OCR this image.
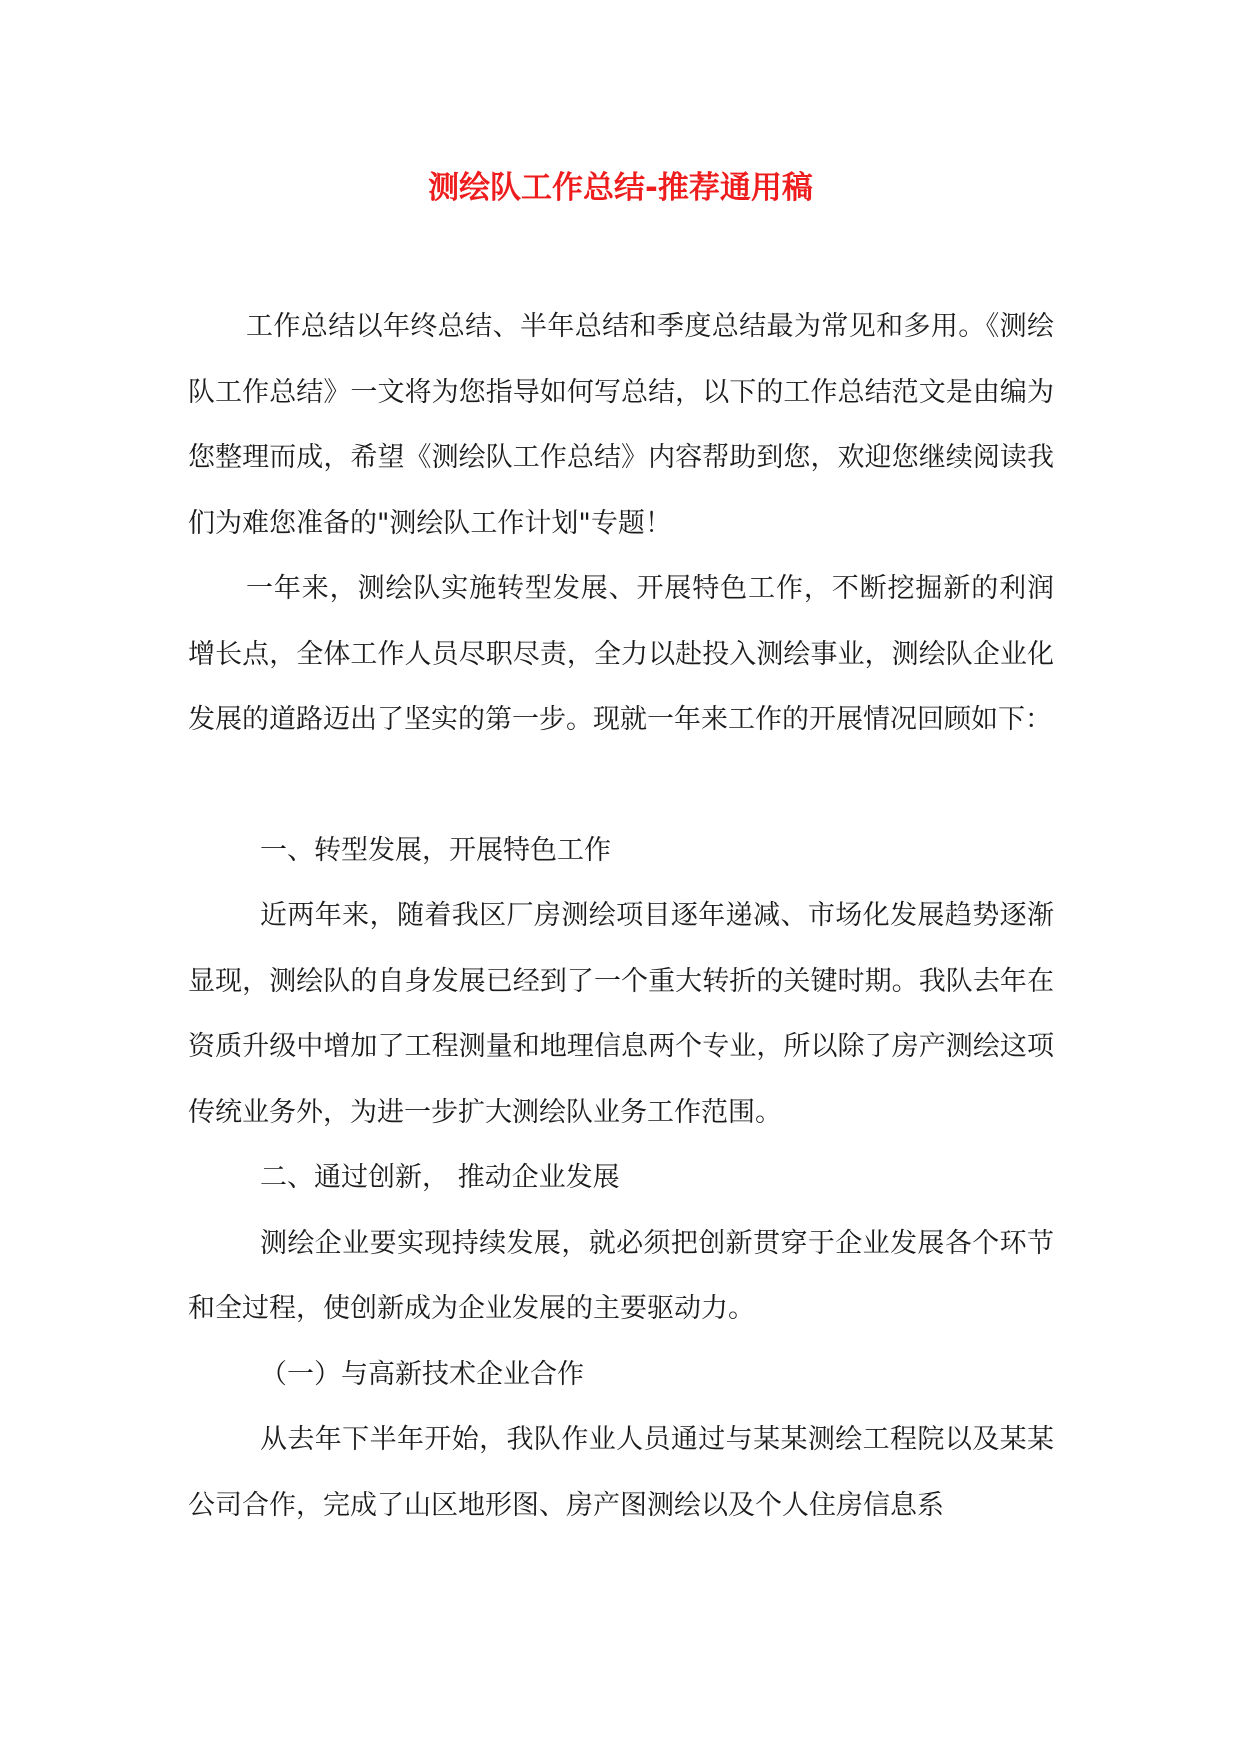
测绘队工作总结-推荐通用稿

工作总结以年终总结、半年总结和季度总结最为常见和多用。《测绘队工作总结》一文将为您指导如何写总结，以下的工作总结范文是由编为您整理而成，希望《测绘队工作总结》内容帮助到您，欢迎您继续阅读我们为难您准备的"测绘队工作计划"专题！

一年来，测绘队实施转型发展、开展特色工作，不断挖掘新的利润增长点，全体工作人员尽职尽责，全力以赴投入测绘事业，测绘队企业化发展的道路迈出了坚实的第一步。现就一年来工作的开展情况回顾如下：

一、转型发展，开展特色工作

近两年来，随着我区厂房测绘项目逐年递减、市场化发展趋势逐渐显现，测绘队的自身发展已经到了一个重大转折的关键时期。我队去年在资质升级中增加了工程测量和地理信息两个专业，所以除了房产测绘这项传统业务外，为进一步扩大测绘队业务工作范围。

二、通过创新， 推动企业发展

测绘企业要实现持续发展，就必须把创新贯穿于企业发展各个环节和全过程，使创新成为企业发展的主要驱动力。

（一）与高新技术企业合作

从去年下半年开始，我队作业人员通过与某某测绘工程院以及某某公司合作，完成了山区地形图、房产图测绘以及个人住房信息系
